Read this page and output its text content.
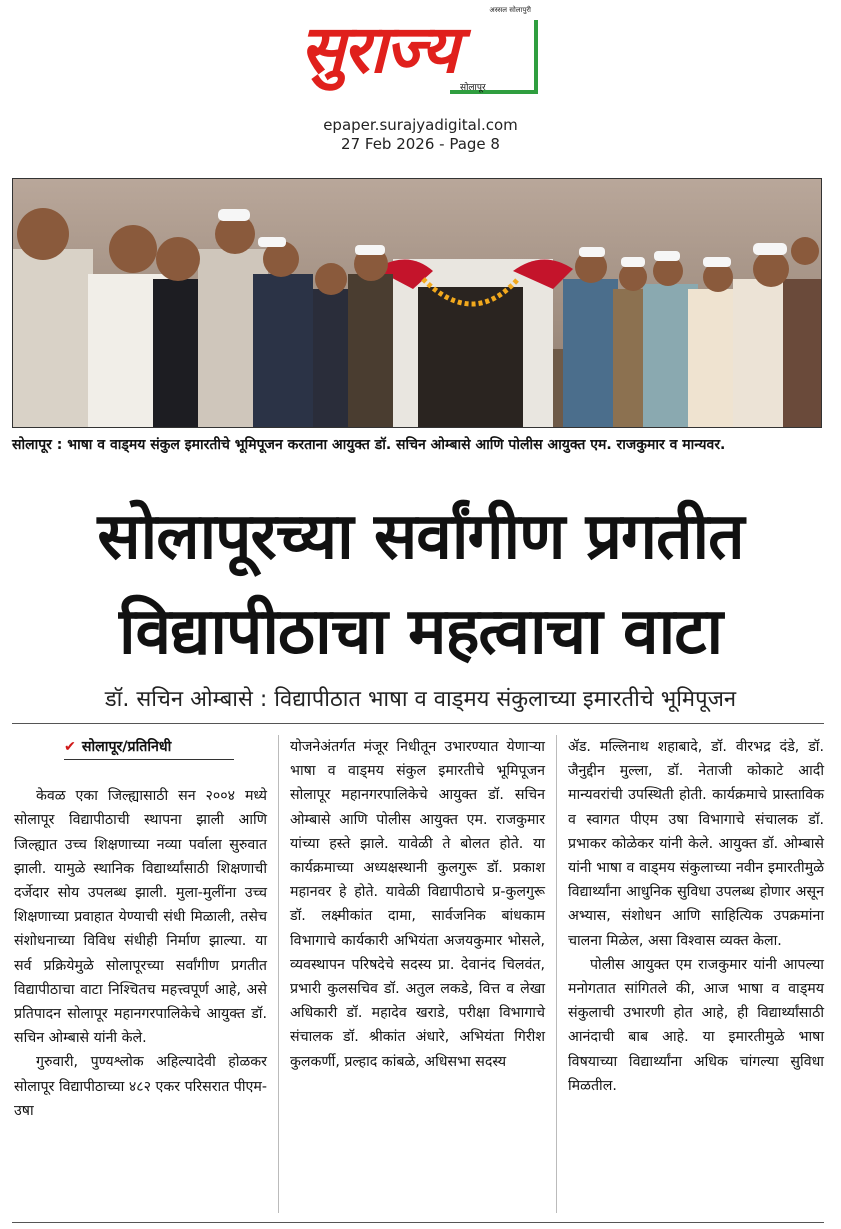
अस्सल सोलापुरी
सुराज्य सोलापूर
epaper.surajyadigital.com
27 Feb 2026 - Page 8
सोलापूर : भाषा व वाड्मय संकुल इमारतीचे भूमिपूजन करताना आयुक्त डॉ. सचिन ओम्बासे आणि पोलीस आयुक्त एम. राजकुमार व मान्यवर.
सोलापूरच्या सर्वांगीण प्रगतीत
विद्यापीठाचा महत्वाचा वाटा
डॉ. सचिन ओम्बासे : विद्यापीठात भाषा व वाड्मय संकुलाच्या इमारतीचे भूमिपूजन
✔ सोलापूर/प्रतिनिधी

केवळ एका जिल्ह्यासाठी सन २००४ मध्ये सोलापूर विद्यापीठाची स्थापना झाली आणि जिल्ह्यात उच्च शिक्षणाच्या नव्या पर्वाला सुरुवात झाली. यामुळे स्थानिक विद्यार्थ्यांसाठी शिक्षणाची दर्जेदार सोय उपलब्ध झाली. मुला-मुलींना उच्च शिक्षणाच्या प्रवाहात येण्याची संधी मिळाली, तसेच संशोधनाच्या विविध संधीही निर्माण झाल्या. या सर्व प्रक्रियेमुळे सोलापूरच्या सर्वांगीण प्रगतीत विद्यापीठाचा वाटा निश्चितच महत्त्वपूर्ण आहे, असे प्रतिपादन सोलापूर महानगरपालिकेचे आयुक्त डॉ. सचिन ओम्बासे यांनी केले.

गुरुवारी, पुण्यश्लोक अहिल्यादेवी होळकर सोलापूर विद्यापीठाच्या ४८२ एकर परिसरात पीएम-उषा

योजनेअंतर्गत मंजूर निधीतून उभारण्यात येणाऱ्या भाषा व वाड्मय संकुल इमारतीचे भूमिपूजन सोलापूर महानगरपालिकेचे आयुक्त डॉ. सचिन ओम्बासे आणि पोलीस आयुक्त एम. राजकुमार यांच्या हस्ते झाले. यावेळी ते बोलत होते. या कार्यक्रमाच्या अध्यक्षस्थानी कुलगुरू डॉ. प्रकाश महानवर हे होते. यावेळी विद्यापीठाचे प्र-कुलगुरू डॉ. लक्ष्मीकांत दामा, सार्वजनिक बांधकाम विभागाचे कार्यकारी अभियंता अजयकुमार भोसले, व्यवस्थापन परिषदेचे सदस्य प्रा. देवानंद चिलवंत, प्रभारी कुलसचिव डॉ. अतुल लकडे, वित्त व लेखा अधिकारी डॉ. महादेव खराडे, परीक्षा विभागाचे संचालक डॉ. श्रीकांत अंधारे, अभियंता गिरीश कुलकर्णी, प्रल्हाद कांबळे, अधिसभा सदस्य

ॲड. मल्लिनाथ शहाबादे, डॉ. वीरभद्र दंडे, डॉ. जैनुद्दीन मुल्ला, डॉ. नेताजी कोकाटे आदी मान्यवरांची उपस्थिती होती. कार्यक्रमाचे प्रास्ताविक व स्वागत पीएम उषा विभागाचे संचालक डॉ. प्रभाकर कोळेकर यांनी केले. आयुक्त डॉ. ओम्बासे यांनी भाषा व वाड्मय संकुलाच्या नवीन इमारतीमुळे विद्यार्थ्यांना आधुनिक सुविधा उपलब्ध होणार असून अभ्यास, संशोधन आणि साहित्यिक उपक्रमांना चालना मिळेल, असा विश्वास व्यक्त केला.

पोलीस आयुक्त एम राजकुमार यांनी आपल्या मनोगतात सांगितले की, आज भाषा व वाड्मय संकुलाची उभारणी होत आहे, ही विद्यार्थ्यांसाठी आनंदाची बाब आहे. या इमारतीमुळे भाषा विषयाच्या विद्यार्थ्यांना अधिक चांगल्या सुविधा मिळतील.
